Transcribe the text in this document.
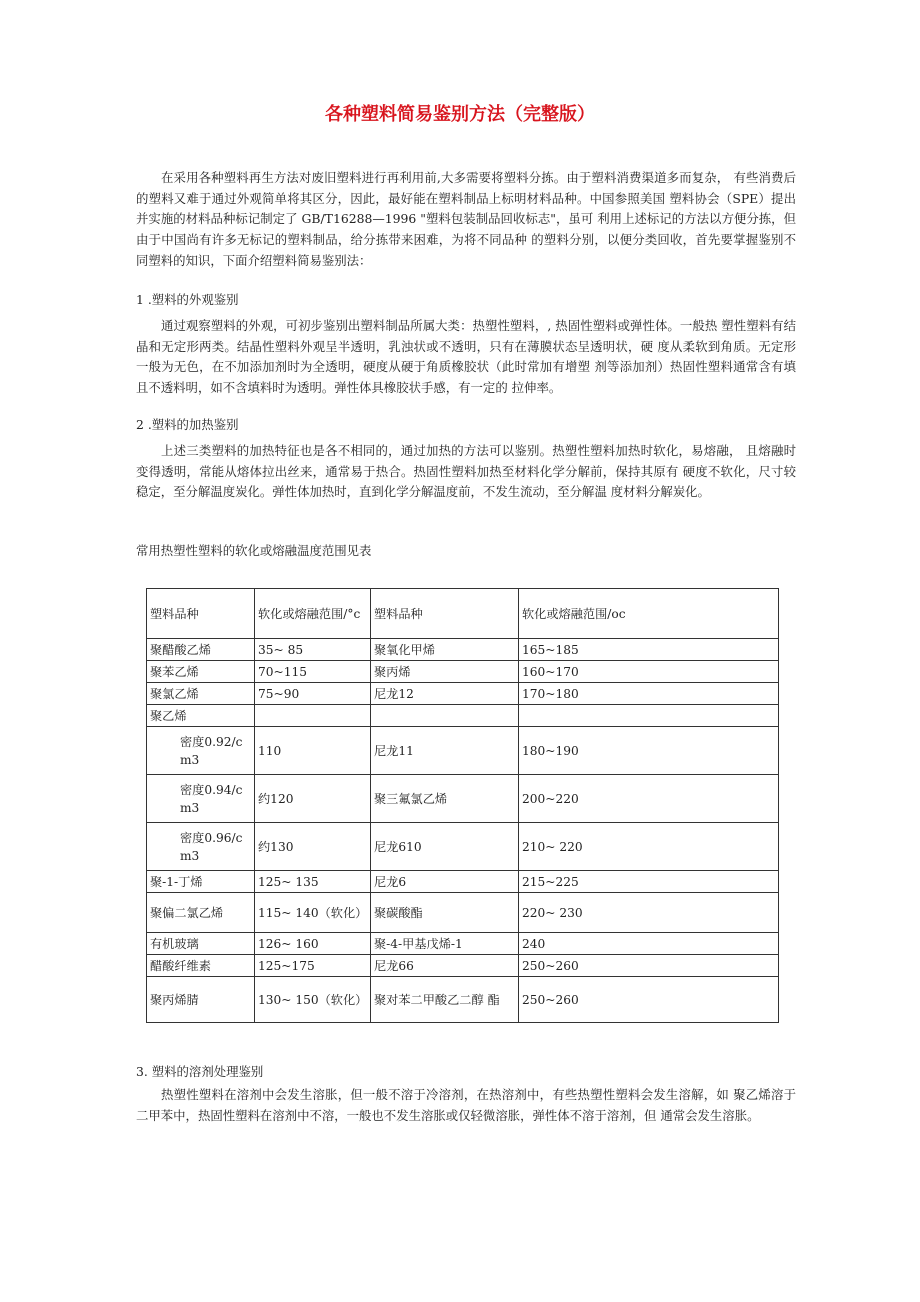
各种塑料简易鉴别方法（完整版）

在采用各种塑料再生方法对废旧塑料进行再利用前,大多需要将塑料分拣。由于塑料消费渠道多而复杂， 有些消费后的塑料又难于通过外观简单将其区分，因此，最好能在塑料制品上标明材料品种。中国参照美国 塑料协会（SPE）提出并实施的材料品种标记制定了 GB/T16288—1996 "塑料包装制品回收标志"，虽可 利用上述标记的方法以方便分拣，但由于中国尚有许多无标记的塑料制品，给分拣带来困难，为将不同品种 的塑料分别，以便分类回收，首先要掌握鉴别不同塑料的知识，下面介绍塑料简易鉴别法：

1 .塑料的外观鉴别

通过观察塑料的外观，可初步鉴别出塑料制品所属大类：热塑性塑料，, 热固性塑料或弹性体。一般热 塑性塑料有结晶和无定形两类。结晶性塑料外观呈半透明，乳浊状或不透明，只有在薄膜状态呈透明状，硬 度从柔软到角质。无定形一般为无色，在不加添加剂时为全透明，硬度从硬于角质橡胶状（此时常加有增塑 剂等添加剂）热固性塑料通常含有填且不透料明，如不含填料时为透明。弹性体具橡胶状手感，有一定的 拉伸率。

2 .塑料的加热鉴别

上述三类塑料的加热特征也是各不相同的，通过加热的方法可以鉴别。热塑性塑料加热时软化，易熔融， 且熔融时变得透明，常能从熔体拉出丝来，通常易于热合。热固性塑料加热至材料化学分解前，保持其原有 硬度不软化，尺寸较稳定，至分解温度炭化。弹性体加热时，直到化学分解温度前，不发生流动，至分解温 度材料分解炭化。

常用热塑性塑料的软化或熔融温度范围见表
塑料品种	软化或熔融范围/°c	塑料品种	软化或熔融范围/oc
聚醋酸乙烯	35~ 85	聚氧化甲烯	165~185
聚苯乙烯	70~115	聚丙烯	160~170
聚氯乙烯	75~90	尼龙12	170~180
聚乙烯			
密度0.92/cm3	110	尼龙11	180~190
密度0.94/cm3	约120	聚三氟氯乙烯	200~220
密度0.96/cm3	约130	尼龙610	210~ 220
聚-1-丁烯	125~ 135	尼龙6	215~225
聚偏二氯乙烯	115~ 140（软化）	聚碳酸酯	220~ 230
有机玻璃	126~ 160	聚-4-甲基戊烯-1	240
醋酸纤维素	125~175	尼龙66	250~260
聚丙烯腈	130~ 150（软化）	聚对苯二甲酸乙二醇 酯	250~260
3. 塑料的溶剂处理鉴别

热塑性塑料在溶剂中会发生溶胀，但一般不溶于冷溶剂，在热溶剂中，有些热塑性塑料会发生溶解，如 聚乙烯溶于二甲苯中，热固性塑料在溶剂中不溶，一般也不发生溶胀或仅轻微溶胀，弹性体不溶于溶剂，但 通常会发生溶胀。
